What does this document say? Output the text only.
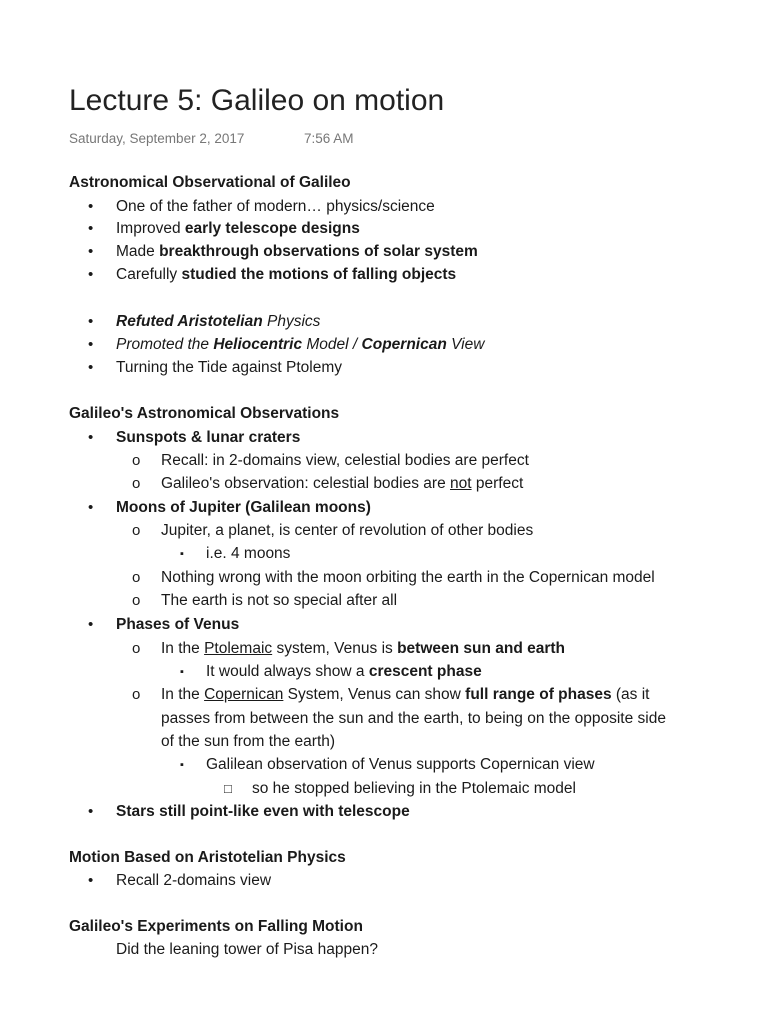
Lecture 5: Galileo on motion
Saturday, September 2, 2017	7:56 AM
Astronomical Observational of Galileo
• One of the father of modern… physics/science
• Improved early telescope designs
• Made breakthrough observations of solar system
• Carefully studied the motions of falling objects
• Refuted Aristotelian Physics
• Promoted the Heliocentric Model / Copernican View
• Turning the Tide against Ptolemy
Galileo's Astronomical Observations
• Sunspots & lunar craters
o Recall: in 2-domains view, celestial bodies are perfect
o Galileo's observation: celestial bodies are not perfect
• Moons of Jupiter (Galilean moons)
o Jupiter, a planet, is center of revolution of other bodies
▪ i.e. 4 moons
o Nothing wrong with the moon orbiting the earth in the Copernican model
o The earth is not so special after all
• Phases of Venus
o In the Ptolemaic system, Venus is between sun and earth
▪ It would always show a crescent phase
o In the Copernican System, Venus can show full range of phases (as it
passes from between the sun and the earth, to being on the opposite side
of the sun from the earth)
▪ Galilean observation of Venus supports Copernican view
□ so he stopped believing in the Ptolemaic model
• Stars still point-like even with telescope
Motion Based on Aristotelian Physics
• Recall 2-domains view
Galileo's Experiments on Falling Motion
Did the leaning tower of Pisa happen?
